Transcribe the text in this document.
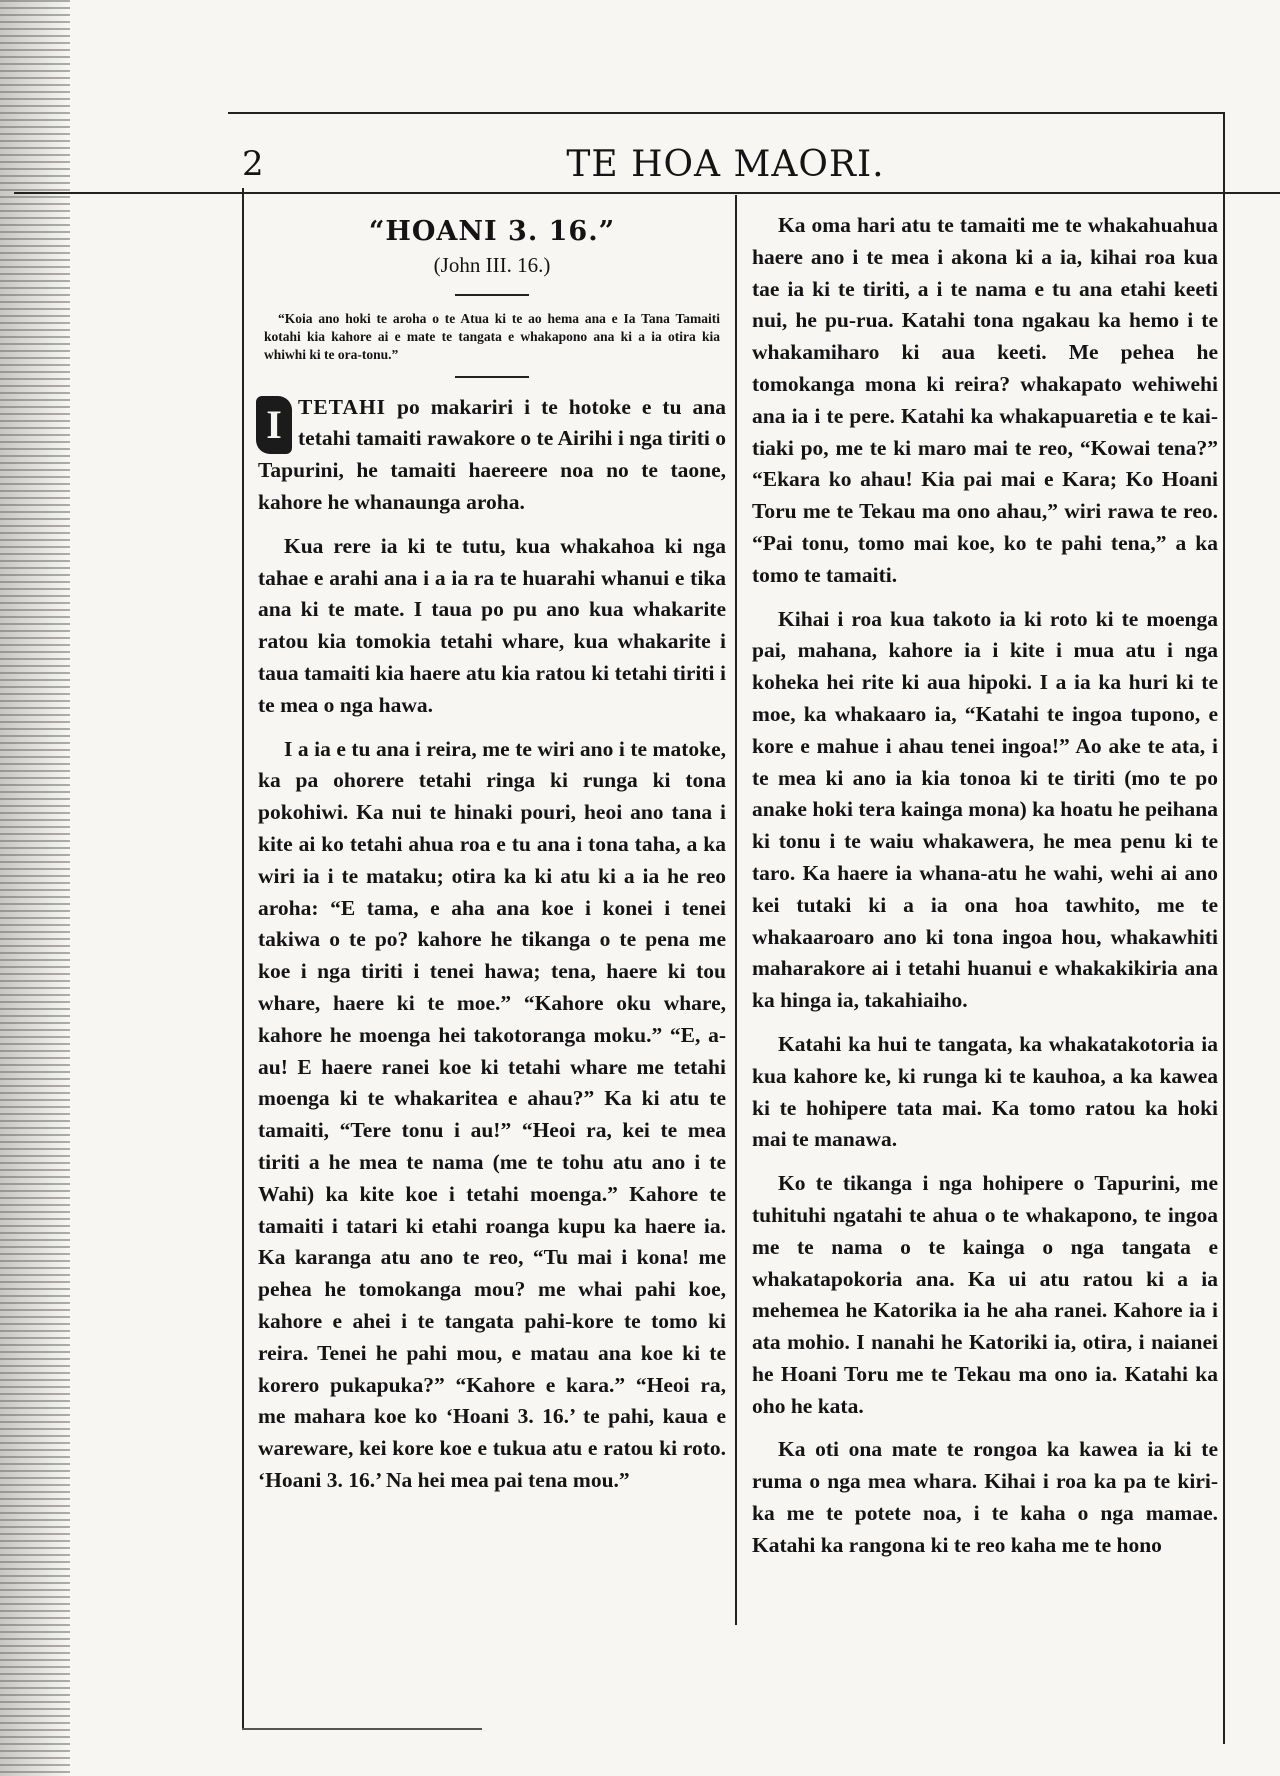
2	TE HOA MAORI.
“HOANI 3. 16.”
(John III. 16.)
“Koia ano hoki te aroha o te Atua ki te ao hema ana e Ia Tana Tamaiti kotahi kia kahore ai e mate te tangata e whakapono ana ki a ia otira kia whiwhi ki te ora-tonu.”
I TETAHI po makariri i te hotoke e tu ana tetahi tamaiti rawakore o te Airihi i nga tiriti o Tapurini, he tamaiti haereere noa no te taone, kahore he whanaunga aroha.

Kua rere ia ki te tutu, kua whakahoa ki nga tahae e arahi ana i a ia ra te huarahi whanui e tika ana ki te mate. I taua po pu ano kua whakarite ratou kia tomokia tetahi whare, kua whakarite i taua tamaiti kia haere atu kia ratou ki tetahi tiriti i te mea o nga hawa.

I a ia e tu ana i reira, me te wiri ano i te matoke, ka pa ohorere tetahi ringa ki runga ki tona pokohiwi. Ka nui te hinaki pouri, heoi ano tana i kite ai ko tetahi ahua roa e tu ana i tona taha, a ka wiri ia i te mataku; otira ka ki atu ki a ia he reo aroha: “E tama, e aha ana koe i konei i tenei takiwa o te po? kahore he tikanga o te pena me koe i nga tiriti i tenei hawa; tena, haere ki tou whare, haere ki te moe.” “Kahore oku whare, kahore he moenga hei takotoranga moku.” “E, a-au! E haere ranei koe ki tetahi whare me tetahi moenga ki te whakaritea e ahau?” Ka ki atu te tamaiti, “Tere tonu i au!” “Heoi ra, kei te mea tiriti a he mea te nama (me te tohu atu ano i te Wahi) ka kite koe i tetahi moenga.” Kahore te tamaiti i tatari ki etahi roanga kupu ka haere ia. Ka karanga atu ano te reo, “Tu mai i kona! me pehea he tomokanga mou? me whai pahi koe, kahore e ahei i te tangata pahi-kore te tomo ki reira. Tenei he pahi mou, e matau ana koe ki te korero pukapuka?” “Kahore e kara.” “Heoi ra, me mahara koe ko ‘Hoani 3. 16.’ te pahi, kaua e wareware, kei kore koe e tukua atu e ratou ki roto. ‘Hoani 3. 16.’ Na hei mea pai tena mou.”

Ka oma hari atu te tamaiti me te whakahuahua haere ano i te mea i akona ki a ia, kihai roa kua tae ia ki te tiriti, a i te nama e tu ana etahi keeti nui, he pu-rua. Katahi tona ngakau ka hemo i te whakamiharo ki aua keeti. Me pehea he tomokanga mona ki reira? whakapato wehiwehi ana ia i te pere. Katahi ka whakapuaretia e te kai-tiaki po, me te ki maro mai te reo, “Kowai tena?” “Ekara ko ahau! Kia pai mai e Kara; Ko Hoani Toru me te Tekau ma ono ahau,” wiri rawa te reo. “Pai tonu, tomo mai koe, ko te pahi tena,” a ka tomo te tamaiti.

Kihai i roa kua takoto ia ki roto ki te moenga pai, mahana, kahore ia i kite i mua atu i nga koheka hei rite ki aua hipoki. I a ia ka huri ki te moe, ka whakaaro ia, “Katahi te ingoa tupono, e kore e mahue i ahau tenei ingoa!” Ao ake te ata, i te mea ki ano ia kia tonoa ki te tiriti (mo te po anake hoki tera kainga mona) ka hoatu he peihana ki tonu i te waiu whakawera, he mea penu ki te taro. Ka haere ia whana-atu he wahi, wehi ai ano kei tutaki ki a ia ona hoa tawhito, me te whakaaroaro ano ki tona ingoa hou, whakawhiti maharakore ai i tetahi huanui e whakakikiria ana ka hinga ia, takahiaiho.

Katahi ka hui te tangata, ka whakatakotoria ia kua kahore ke, ki runga ki te kauhoa, a ka kawea ki te hohipere tata mai. Ka tomo ratou ka hoki mai te manawa.

Ko te tikanga i nga hohipere o Tapurini, me tuhituhi ngatahi te ahua o te whakapono, te ingoa me te nama o te kainga o nga tangata e whakatapokoria ana. Ka ui atu ratou ki a ia mehemea he Katorika ia he aha ranei. Kahore ia i ata mohio. I nanahi he Katoriki ia, otira, i naianei he Hoani Toru me te Tekau ma ono ia. Katahi ka oho he kata.

Ka oti ona mate te rongoa ka kawea ia ki te ruma o nga mea whara. Kihai i roa ka pa te kiri-ka me te potete noa, i te kaha o nga mamae. Katahi ka rangona ki te reo kaha me te hono
